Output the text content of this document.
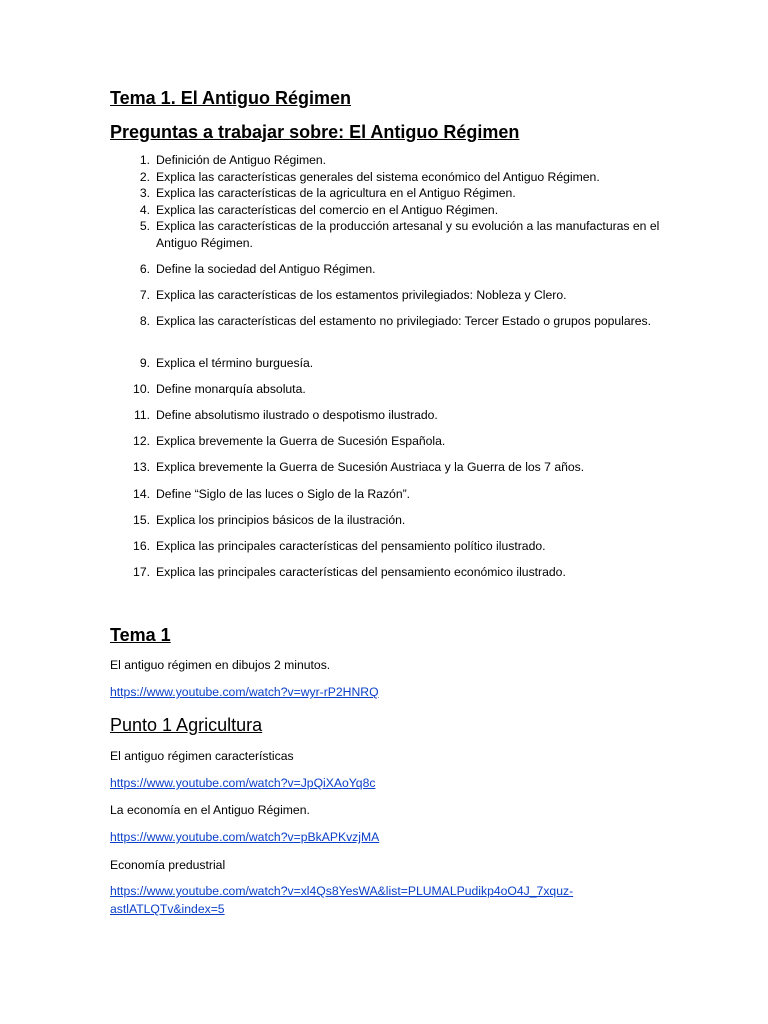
Tema 1. El Antiguo Régimen
Preguntas a trabajar sobre: El Antiguo Régimen
1. Definición de Antiguo Régimen.
2. Explica las características generales del sistema económico del Antiguo Régimen.
3. Explica las características de la agricultura en el Antiguo Régimen.
4. Explica las características del comercio en el Antiguo Régimen.
5. Explica las características de la producción artesanal y su evolución a las manufacturas en el Antiguo Régimen.
6. Define la sociedad del Antiguo Régimen.
7. Explica las características de los estamentos privilegiados: Nobleza y Clero.
8. Explica las características del estamento no privilegiado: Tercer Estado o grupos populares.
9. Explica el término burguesía.
10. Define monarquía absoluta.
11. Define absolutismo ilustrado o despotismo ilustrado.
12. Explica brevemente la Guerra de Sucesión Española.
13. Explica brevemente la Guerra de Sucesión Austriaca y la Guerra de los 7 años.
14. Define “Siglo de las luces o Siglo de la Razón”.
15. Explica los principios básicos de la ilustración.
16. Explica las principales características del pensamiento político ilustrado.
17. Explica las principales características del pensamiento económico ilustrado.
Tema 1
El antiguo régimen en dibujos 2 minutos.
https://www.youtube.com/watch?v=wyr-rP2HNRQ
Punto 1 Agricultura
El antiguo régimen características
https://www.youtube.com/watch?v=JpQiXAoYq8c
La economía en el Antiguo Régimen.
https://www.youtube.com/watch?v=pBkAPKvzjMA
Economía predustrial
https://www.youtube.com/watch?v=xl4Qs8YesWA&list=PLUMALPudikp4oO4J_7xquz-
astlATLQTv&index=5
